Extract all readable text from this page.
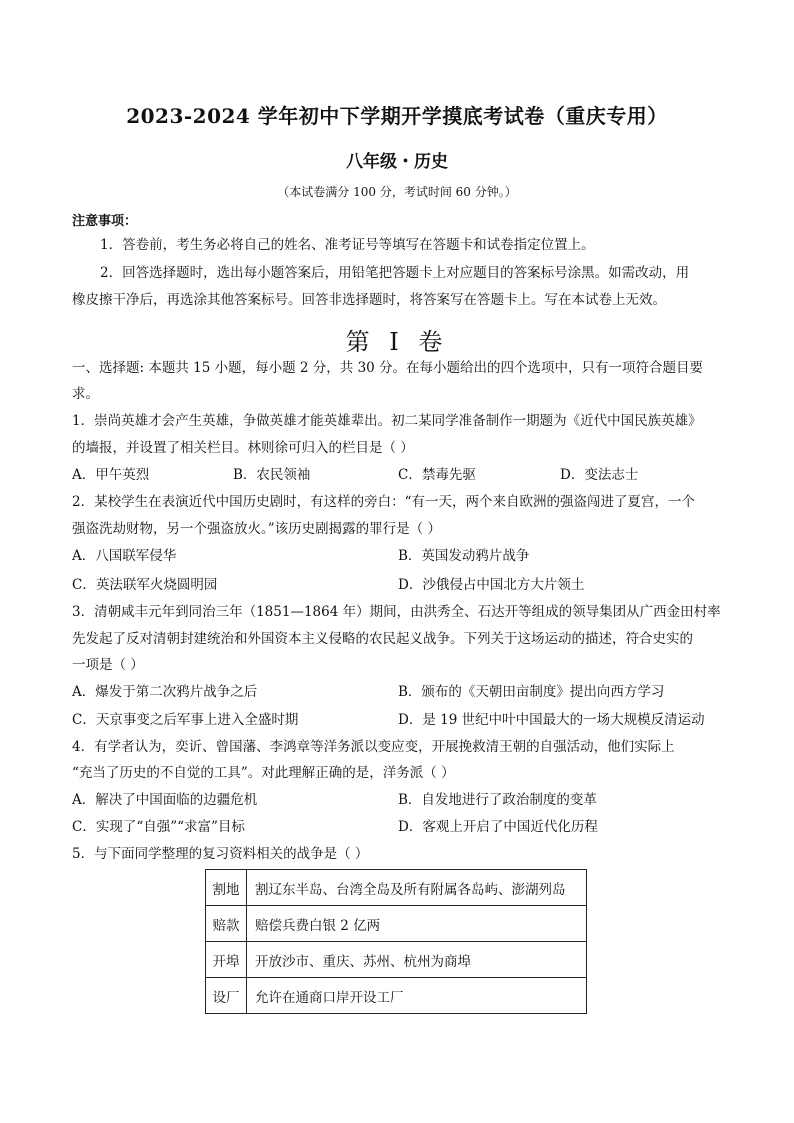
2023-2024 学年初中下学期开学摸底考试卷（重庆专用）
八年级・历史
（本试卷满分 100 分，考试时间 60 分钟。）
注意事项：
1．答卷前，考生务必将自己的姓名、准考证号等填写在答题卡和试卷指定位置上。
2．回答选择题时，选出每小题答案后，用铅笔把答题卡上对应题目的答案标号涂黑。如需改动，用
橡皮擦干净后，再选涂其他答案标号。回答非选择题时，将答案写在答题卡上。写在本试卷上无效。
第 I 卷
一、选择题: 本题共 15 小题，每小题 2 分，共 30 分。在每小题给出的四个选项中，只有一项符合题目要
求。
1．崇尚英雄才会产生英雄，争做英雄才能英雄辈出。初二某同学准备制作一期题为《近代中国民族英雄》
的墙报，并设置了相关栏目。林则徐可归入的栏目是（ ）
A．甲午英烈	B．农民领袖	C．禁毒先驱	D．变法志士
2．某校学生在表演近代中国历史剧时，有这样的旁白：“有一天，两个来自欧洲的强盗闯进了夏宫，一个
强盗洗劫财物，另一个强盗放火。”该历史剧揭露的罪行是（ ）
A．八国联军侵华	B．英国发动鸦片战争
C．英法联军火烧圆明园	D．沙俄侵占中国北方大片领土
3．清朝咸丰元年到同治三年（1851—1864 年）期间，由洪秀全、石达开等组成的领导集团从广西金田村率
先发起了反对清朝封建统治和外国资本主义侵略的农民起义战争。下列关于这场运动的描述，符合史实的
一项是（ ）
A．爆发于第二次鸦片战争之后	B．颁布的《天朝田亩制度》提出向西方学习
C．天京事变之后军事上进入全盛时期	D．是 19 世纪中叶中国最大的一场大规模反清运动
4．有学者认为，奕䜣、曾国藩、李鸿章等洋务派以变应变，开展挽救清王朝的自强活动，他们实际上
“充当了历史的不自觉的工具”。对此理解正确的是，洋务派（ ）
A．解决了中国面临的边疆危机	B．自发地进行了政治制度的变革
C．实现了“自强”“求富”目标	D．客观上开启了中国近代化历程
5．与下面同学整理的复习资料相关的战争是（ ）
割地	割辽东半岛、台湾全岛及所有附属各岛屿、澎湖列岛
赔款	赔偿兵费白银 2 亿两
开埠	开放沙市、重庆、苏州、杭州为商埠
设厂	允许在通商口岸开设工厂
